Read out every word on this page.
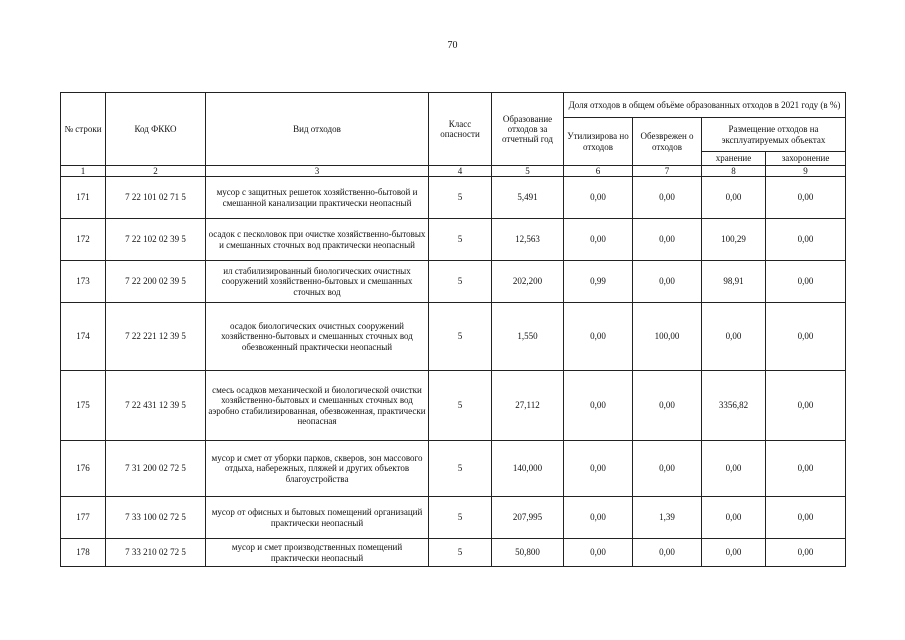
70
№ строки	Код ФККО	Вид отходов	Класс опасности	Образование отходов за отчетный год	Доля отходов в общем объёме образованных отходов в 2021 году (в %)			
					Утилизирова но отходов	Обезврежен о отходов	Размещение отходов на эксплуатируемых объектах	
							хранение	захоронение
1	2	3	4	5	6	7	8	9
171	7 22 101 02 71 5	мусор с защитных решеток хозяйственно-бытовой и смешанной канализации практически неопасный	5	5,491	0,00	0,00	0,00	0,00
172	7 22 102 02 39 5	осадок с песколовок при очистке хозяйственно-бытовых и смешанных сточных вод практически неопасный	5	12,563	0,00	0,00	100,29	0,00
173	7 22 200 02 39 5	ил стабилизированный биологических очистных сооружений хозяйственно-бытовых и смешанных сточных вод	5	202,200	0,99	0,00	98,91	0,00
174	7 22 221 12 39 5	осадок биологических очистных сооружений хозяйственно-бытовых и смешанных сточных вод обезвоженный практически неопасный	5	1,550	0,00	100,00	0,00	0,00
175	7 22 431 12 39 5	смесь осадков механической и биологической очистки хозяйственно-бытовых и смешанных сточных вод аэробно стабилизированная, обезвоженная, практически неопасная	5	27,112	0,00	0,00	3356,82	0,00
176	7 31 200 02 72 5	мусор и смет от уборки парков, скверов, зон массового отдыха, набережных, пляжей и других объектов благоустройства	5	140,000	0,00	0,00	0,00	0,00
177	7 33 100 02 72 5	мусор от офисных и бытовых помещений организаций практически неопасный	5	207,995	0,00	1,39	0,00	0,00
178	7 33 210 02 72 5	мусор и смет производственных помещений практически неопасный	5	50,800	0,00	0,00	0,00	0,00
